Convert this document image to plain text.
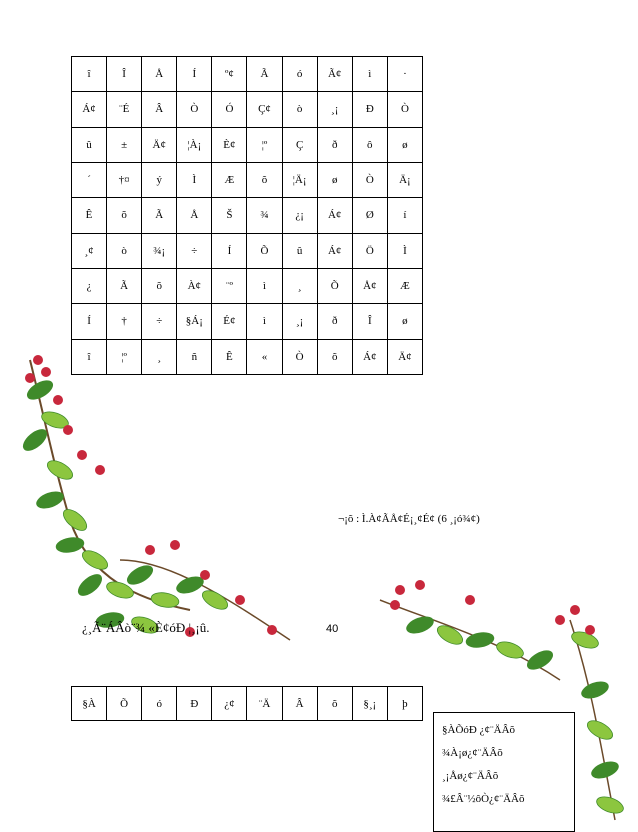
î	Î	Å	Í	º¢	Ã	ó	Ã¢	ì	·
Á¢	¨É	Â	Ò	Ó	Ç¢	ò	¸¡	Ð	Ò
û	±	Ä¢	¦À¡	È¢	¦º	Ç	ð	ô	ø
´	†¤	ý	Ì	Æ	õ	¦Ä¡	ø	Ò	Ä¡
Ê	õ	Ã	Å	Š	¾	¿¡	Á¢	Ø	í
¸¢	ò	¾¡	÷	Í	Õ	û	Á¢	Ö	Ì
¿	Ã	õ	À¢	¨º	ì	¸	Õ	Å¢	Æ
Í	†	÷	§Á¡	É¢	ì	¸¡	ð	Î	ø
î	¦º	¸	ñ	Ê	«	Ò	õ	Á¢	Ä¢
¬¡õ : Ì.À¢ÃÅ¢É¡¸¢É¢ (6 ¸¡ó¾¢)
¿¸Ã¨ÁÂò¨¾ «È¢óÐ ¦¸¡û.	40
§À	Õ	ó	Ð	¿¢	¨Ä	Â	õ	§¸¡	þ
§ÀÕóÐ ¿¢¨ÄÂõ
¾À¡ø¿¢¨ÄÂõ
¸¡Åø¿¢¨ÄÂõ
¾£Â¨½ôÒ¿¢¨ÄÂõ
